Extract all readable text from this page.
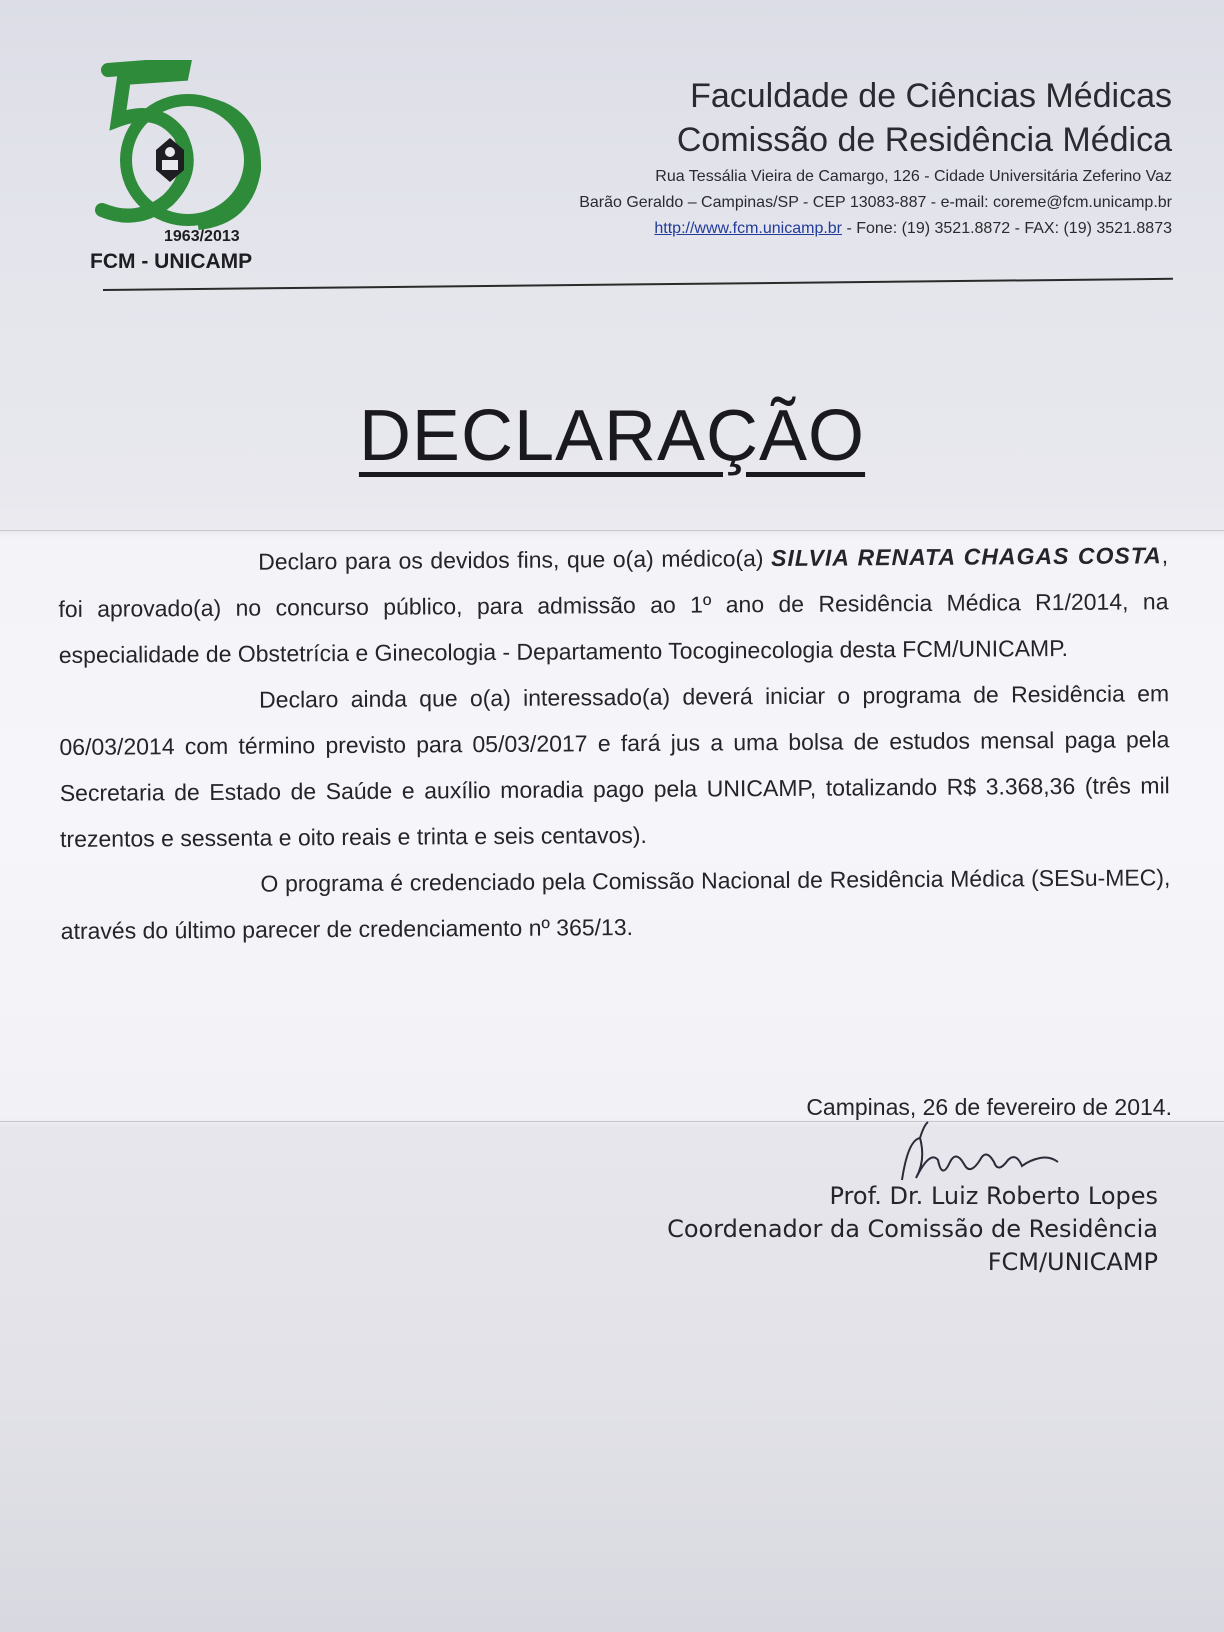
1963/2013
FCM - UNICAMP
Faculdade de Ciências Médicas
Comissão de Residência Médica
Rua Tessália Vieira de Camargo, 126 - Cidade Universitária Zeferino Vaz
Barão Geraldo – Campinas/SP - CEP 13083-887 - e-mail: coreme@fcm.unicamp.br
http://www.fcm.unicamp.br - Fone: (19) 3521.8872 - FAX: (19) 3521.8873
DECLARAÇÃO

Declaro para os devidos fins, que o(a) médico(a) SILVIA RENATA CHAGAS COSTA, foi aprovado(a) no concurso público, para admissão ao 1º ano de Residência Médica R1/2014, na especialidade de Obstetrícia e Ginecologia - Departamento Tocoginecologia desta FCM/UNICAMP.

Declaro ainda que o(a) interessado(a) deverá iniciar o programa de Residência em 06/03/2014 com término previsto para 05/03/2017 e fará jus a uma bolsa de estudos mensal paga pela Secretaria de Estado de Saúde e auxílio moradia pago pela UNICAMP, totalizando R$ 3.368,36 (três mil trezentos e sessenta e oito reais e trinta e seis centavos).

O programa é credenciado pela Comissão Nacional de Residência Médica (SESu-MEC), através do último parecer de credenciamento nº 365/13.

Campinas, 26 de fevereiro de 2014.
Prof. Dr. Luiz Roberto Lopes
Coordenador da Comissão de Residência
FCM/UNICAMP
